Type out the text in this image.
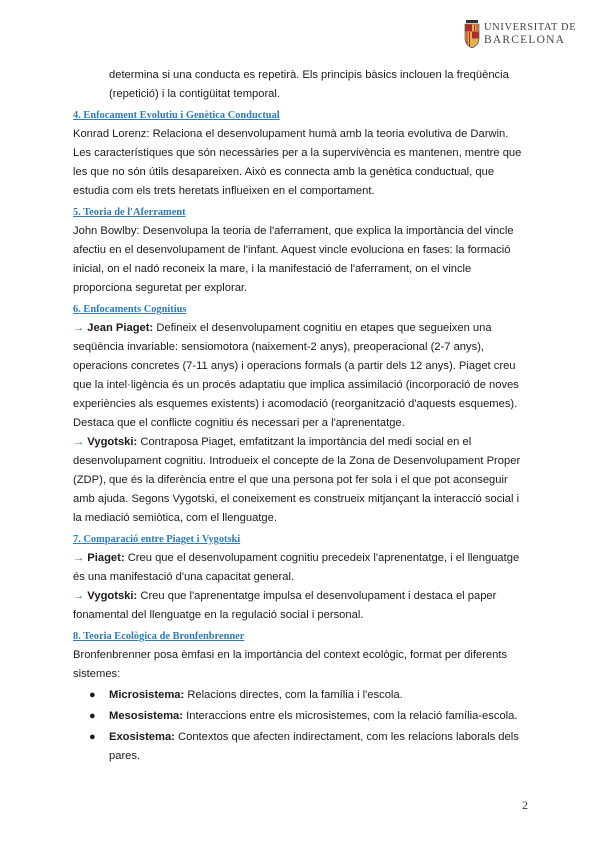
UNIVERSITAT DE
BARCELONA

determina si una conducta es repetirà. Els principis bàsics inclouen la freqüència (repetició) i la contigüitat temporal.

4. Enfocament Evolutiu i Genètica Conductual

Konrad Lorenz: Relaciona el desenvolupament humà amb la teoria evolutiva de Darwin. Les característiques que són necessàries per a la supervivència es mantenen, mentre que les que no són útils desapareixen. Això es connecta amb la genètica conductual, que estudia com els trets heretats influeixen en el comportament.

5. Teoria de l'Aferrament

John Bowlby: Desenvolupa la teoria de l'aferrament, que explica la importància del vincle afectiu en el desenvolupament de l'infant. Aquest vincle evoluciona en fases: la formació inicial, on el nadó reconeix la mare, i la manifestació de l'aferrament, on el vincle proporciona seguretat per explorar.

6. Enfocaments Cognitius

→ Jean Piaget: Defineix el desenvolupament cognitiu en etapes que segueixen una seqüència invariable: sensiomotora (naixement-2 anys), preoperacional (2-7 anys), operacions concretes (7-11 anys) i operacions formals (a partir dels 12 anys). Piaget creu que la intel·ligència és un procés adaptatiu que implica assimilació (incorporació de noves experiències als esquemes existents) i acomodació (reorganització d'aquests esquemes). Destaca que el conflicte cognitiu és necessari per a l'aprenentatge.

→ Vygotski: Contraposa Piaget, emfatitzant la importància del medi social en el desenvolupament cognitiu. Introdueix el concepte de la Zona de Desenvolupament Proper (ZDP), que és la diferència entre el que una persona pot fer sola i el que pot aconseguir amb ajuda. Segons Vygotski, el coneixement es construeix mitjançant la interacció social i la mediació semiòtica, com el llenguatge.

7. Comparació entre Piaget i Vygotski

→ Piaget: Creu que el desenvolupament cognitiu precedeix l'aprenentatge, i el llenguatge és una manifestació d'una capacitat general.

→ Vygotski: Creu que l'aprenentatge impulsa el desenvolupament i destaca el paper fonamental del llenguatge en la regulació social i personal.

8. Teoria Ecològica de Bronfenbrenner

Bronfenbrenner posa èmfasi en la importància del context ecològic, format per diferents sistemes:

● Microsistema: Relacions directes, com la família i l'escola.
● Mesosistema: Interaccions entre els microsistemes, com la relació família-escola.
● Exosistema: Contextos que afecten indirectament, com les relacions laborals dels pares.
2
